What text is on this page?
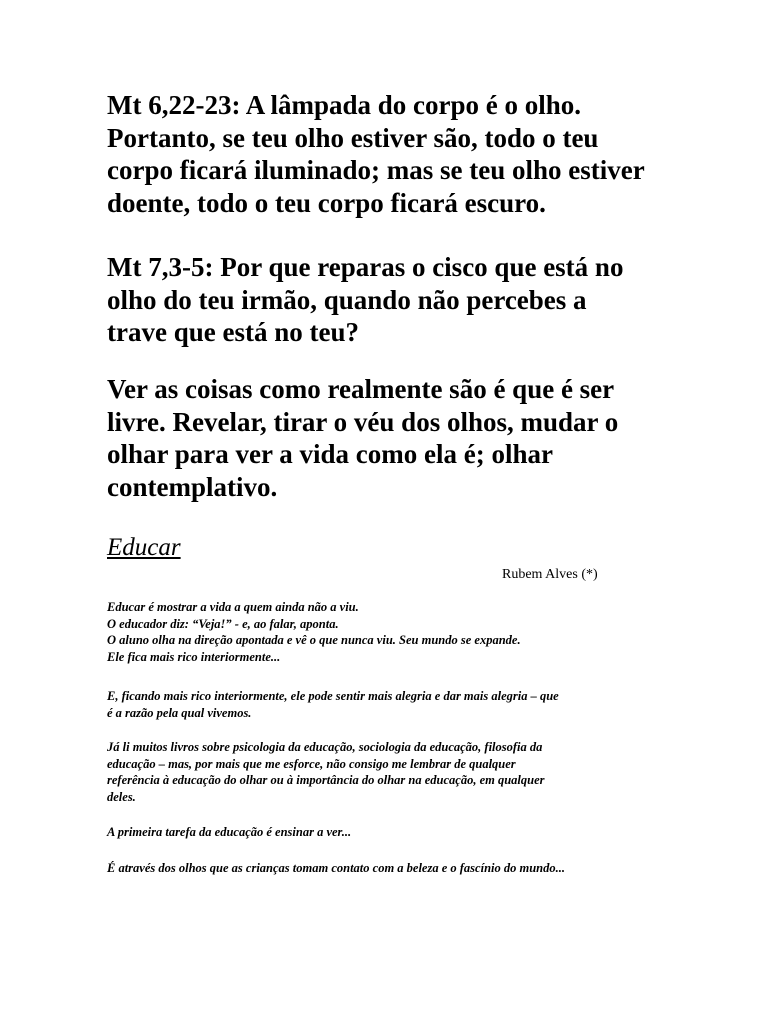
Mt 6,22-23: A lâmpada do corpo é o olho.
Portanto, se teu olho estiver são, todo o teu
corpo ficará iluminado; mas se teu olho estiver
doente, todo o teu corpo ficará escuro.

Mt 7,3-5: Por que reparas o cisco que está no
olho do teu irmão, quando não percebes a
trave que está no teu?

Ver as coisas como realmente são é que é ser
livre. Revelar, tirar o véu dos olhos, mudar o
olhar para ver a vida como ela é; olhar
contemplativo.

Educar
Rubem Alves (*)

Educar é mostrar a vida a quem ainda não a viu.
O educador diz: “Veja!” - e, ao falar, aponta.
O aluno olha na direção apontada e vê o que nunca viu. Seu mundo se expande.
Ele fica mais rico interiormente...

E, ficando mais rico interiormente, ele pode sentir mais alegria e dar mais alegria – que
é a razão pela qual vivemos.

Já li muitos livros sobre psicologia da educação, sociologia da educação, filosofia da
educação – mas, por mais que me esforce, não consigo me lembrar de qualquer
referência à educação do olhar ou à importância do olhar na educação, em qualquer
deles.

A primeira tarefa da educação é ensinar a ver...

É através dos olhos que as crianças tomam contato com a beleza e o fascínio do mundo...
